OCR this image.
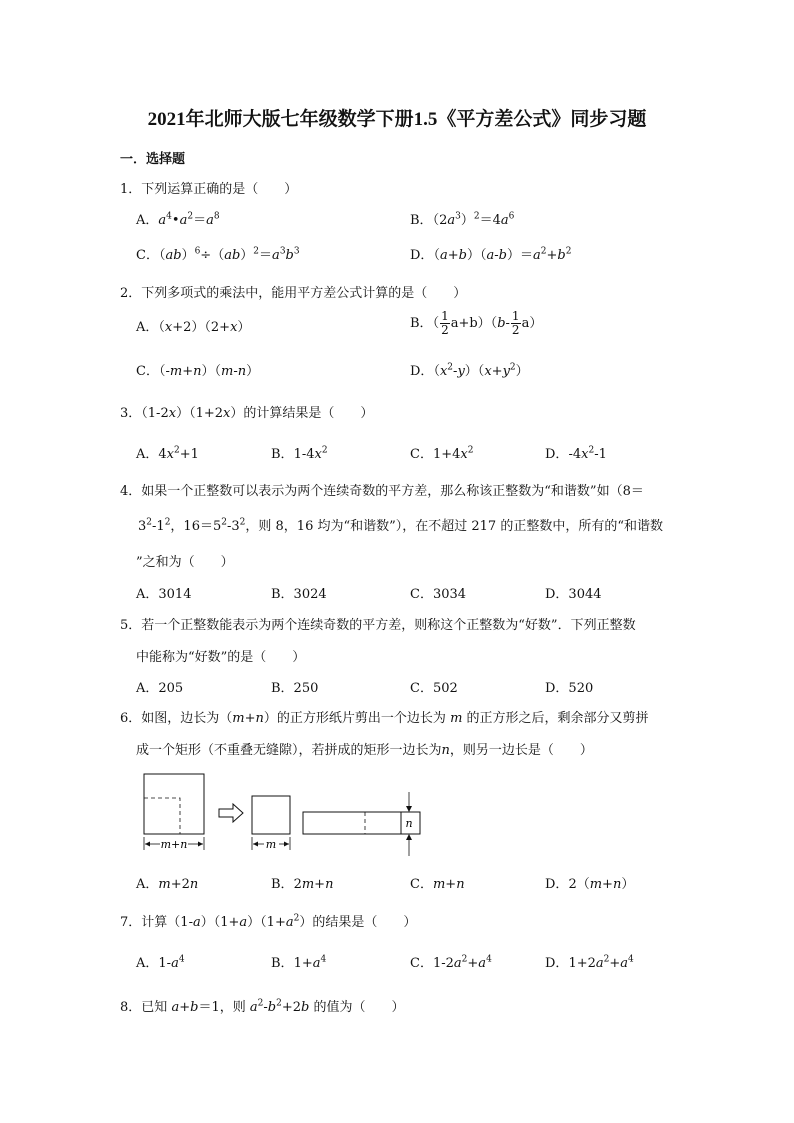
2021年北师大版七年级数学下册1.5《平方差公式》同步习题
一．选择题
1．下列运算正确的是（　　）
A．$a^4•a^2=a^8$	B．$(2a^3)^2=4a^6$
C．$(ab)^6\div(ab)^2=a^3b^3$	D．$(a+b)(a-b)=a^2+b^2$
2．下列多项式的乘法中，能用平方差公式计算的是（　　）
A．（x+2）（2+x）	B．（ $\frac{1}{2} a+b)(b- \frac{1}{2} a)$
C．（-m+n）（m-n）	D．$(x^2-y)(x+y^2)$
3．（1-2x）（1+2x）的计算结果是（　　）
A．$4x^2+1$	B．$1-4x^2$	C．$1+4x^2$	D．$-4x^2-1$
4．如果一个正整数可以表示为两个连续奇数的平方差，那么称该正整数为“和谐数”如（8＝
$3^2-1^2$，$16=5^2-3^2$，则 8，16 均为“和谐数”），在不超过 217 的正整数中，所有的“和谐数
”之和为（　　）
A．3014	B．3024	C．3034	D．3044
5．若一个正整数能表示为两个连续奇数的平方差，则称这个正整数为“好数”．下列正整数
中能称为“好数”的是（　　）
A．205	B．250	C．502	D．520
6．如图，边长为（m+n）的正方形纸片剪出一个边长为 m 的正方形之后，剩余部分又剪拼
成一个矩形（不重叠无缝隙），若拼成的矩形一边长为n，则另一边长是（　　）
m+n	m
n
A．m+2n	B．2m+n	C．m+n	D．2（m+n）
7．计算$(1-a)(1+a)(1+a^2)$的结果是（　　）
A．$1-a^4$	B．$1+a^4$	C．$1-2a^2+a^4$	D．$1+2a^2+a^4$
8．已知 a+b＝1，则 $a^2-b^2+2b$ 的值为（　　）
